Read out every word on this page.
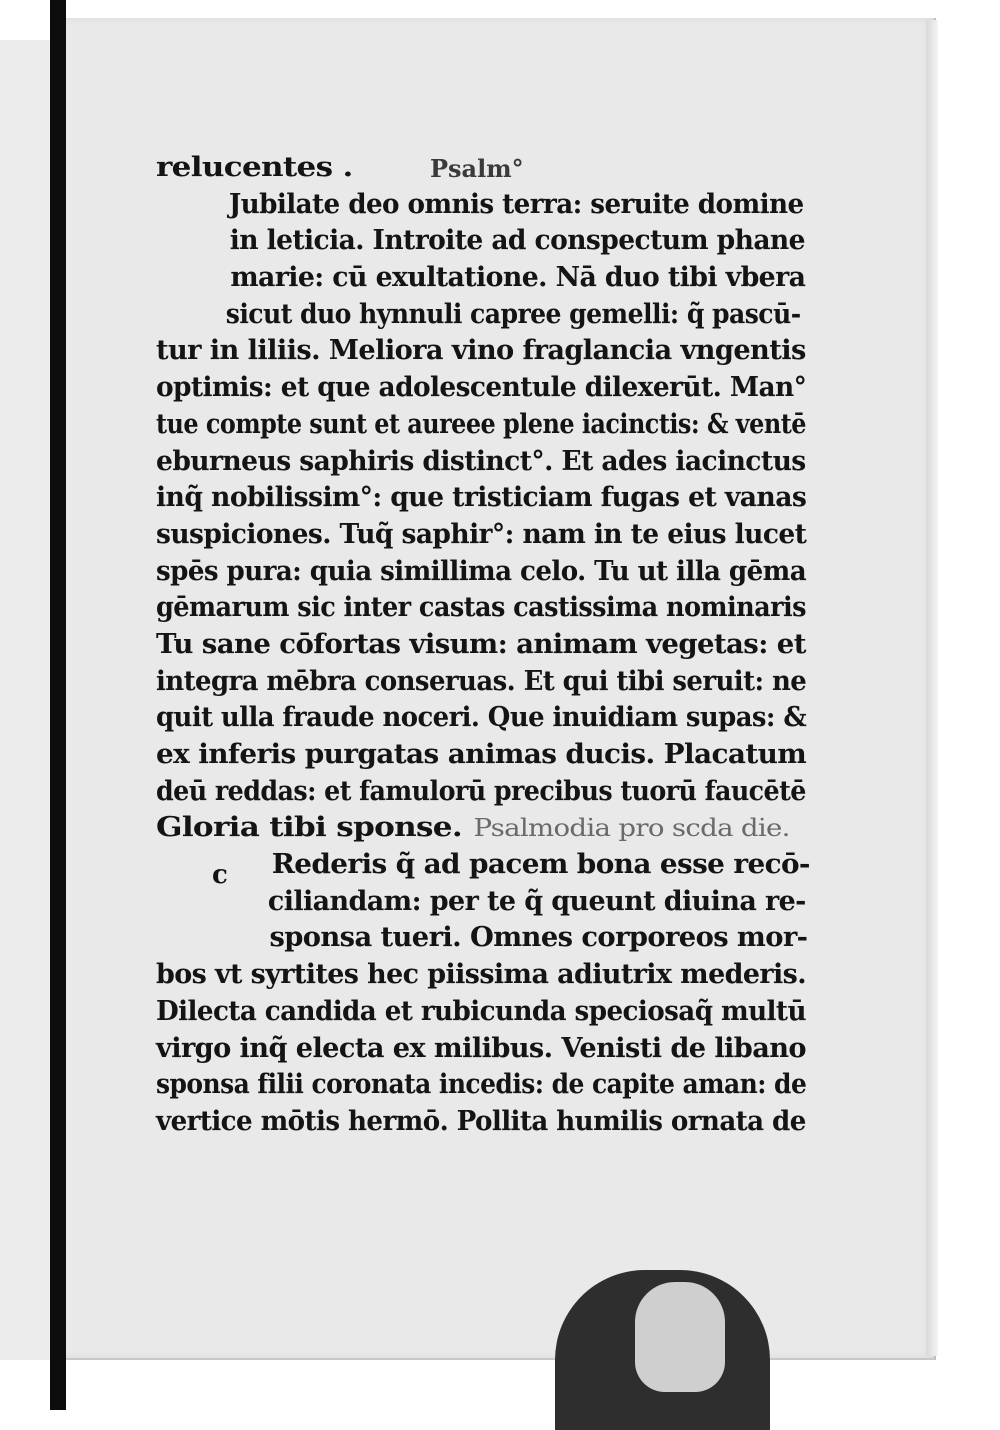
Psalm°
relucentes .
Jubilate deo omnis terra: seruite domine
in leticia. Introite ad conspectum phane
marie: cū exultatione. Nā duo tibi vbera
sicut duo hynnuli capree gemelli: q̃ pascū-
tur in liliis. Meliora vino fraglancia vngentis
optimis: et que adolescentule dilexerūt. Man°
tue compte sunt et aureee plene iacinctis: & ventē
eburneus saphiris distinct°. Et ades iacinctus
inq̃ nobilissim°: que tristiciam fugas et vanas
suspiciones. Tuq̃ saphir°: nam in te eius lucet
spēs pura: quia simillima celo. Tu ut illa gēma
gēmarum sic inter castas castissima nominaris
Tu sane cōfortas visum: animam vegetas: et
integra mēbra conseruas. Et qui tibi seruit: ne
quit ulla fraude noceri. Que inuidiam supas: &
ex inferis purgatas animas ducis. Placatum
deū reddas: et famulorū precibus tuorū faucētē
Gloria tibi sponse. Psalmodia pro scda die.
Rederis q̃ ad pacem bona esse recō-
ciliandam: per te q̃ queunt diuina re-
sponsa tueri. Omnes corporeos mor-
bos vt syrtites hec piissima adiutrix mederis.
Dilecta candida et rubicunda speciosaq̃ multū
virgo inq̃ electa ex milibus. Venisti de libano
sponsa filii coronata incedis: de capite aman: de
vertice mōtis hermō. Pollita humilis ornata de
c
